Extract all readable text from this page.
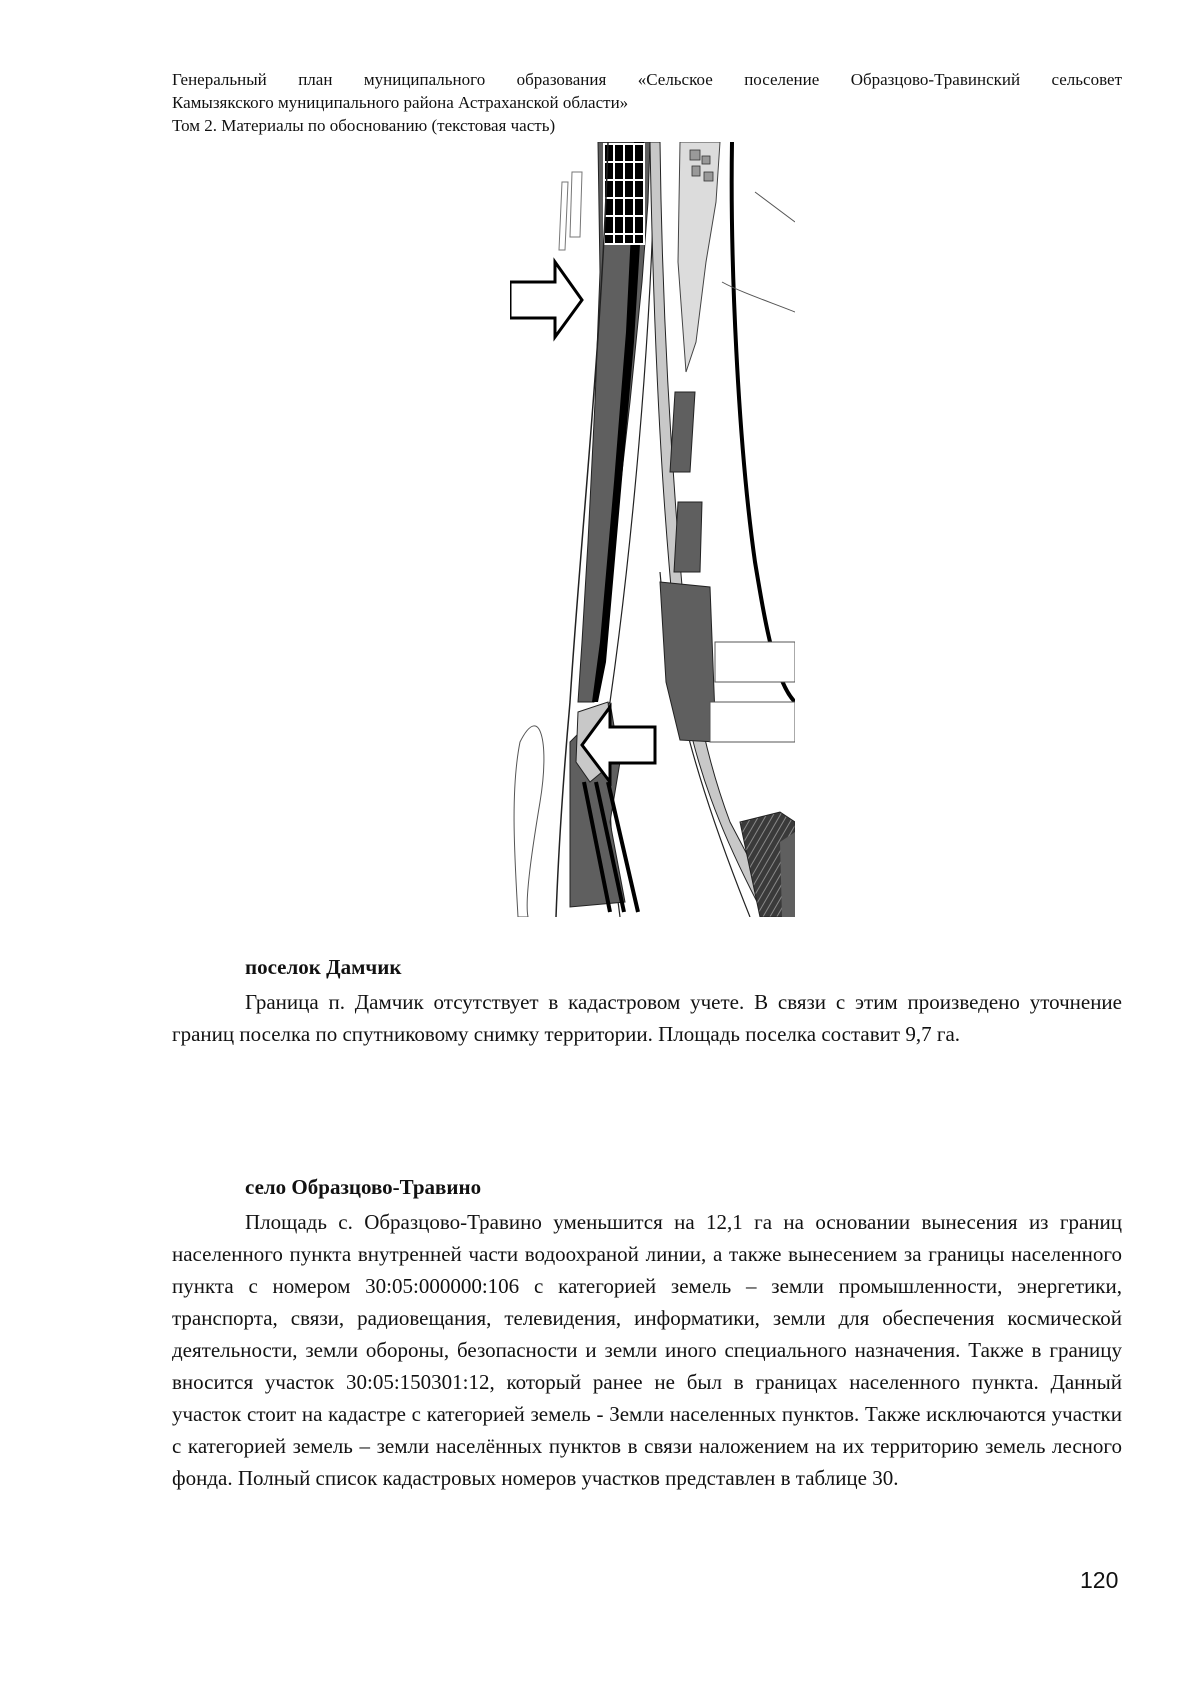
Генеральный план муниципального образования «Сельское поселение Образцово-Травинский сельсовет
Камызякского муниципального района Астраханской области»
Том 2. Материалы по обоснованию (текстовая часть)
поселок Дамчик
Граница п. Дамчик отсутствует в кадастровом учете. В связи с этим произведено уточнение границ поселка по спутниковому снимку территории. Площадь поселка составит 9,7 га.
село Образцово-Травино
Площадь с. Образцово-Травино уменьшится на 12,1 га на основании вынесения из границ населенного пункта внутренней части водоохраной линии, а также вынесением за границы населенного пункта с номером 30:05:000000:106 с категорией земель – земли промышленности, энергетики, транспорта, связи, радиовещания, телевидения, информатики, земли для обеспечения космической деятельности, земли обороны, безопасности и земли иного специального назначения. Также в границу вносится участок 30:05:150301:12, который ранее не был в границах населенного пункта. Данный участок стоит на кадастре с категорией земель - Земли населенных пунктов. Также исключаются участки с категорией земель – земли населённых пунктов в связи наложением на их территорию земель лесного фонда. Полный список кадастровых номеров участков представлен в таблице 30.
120
